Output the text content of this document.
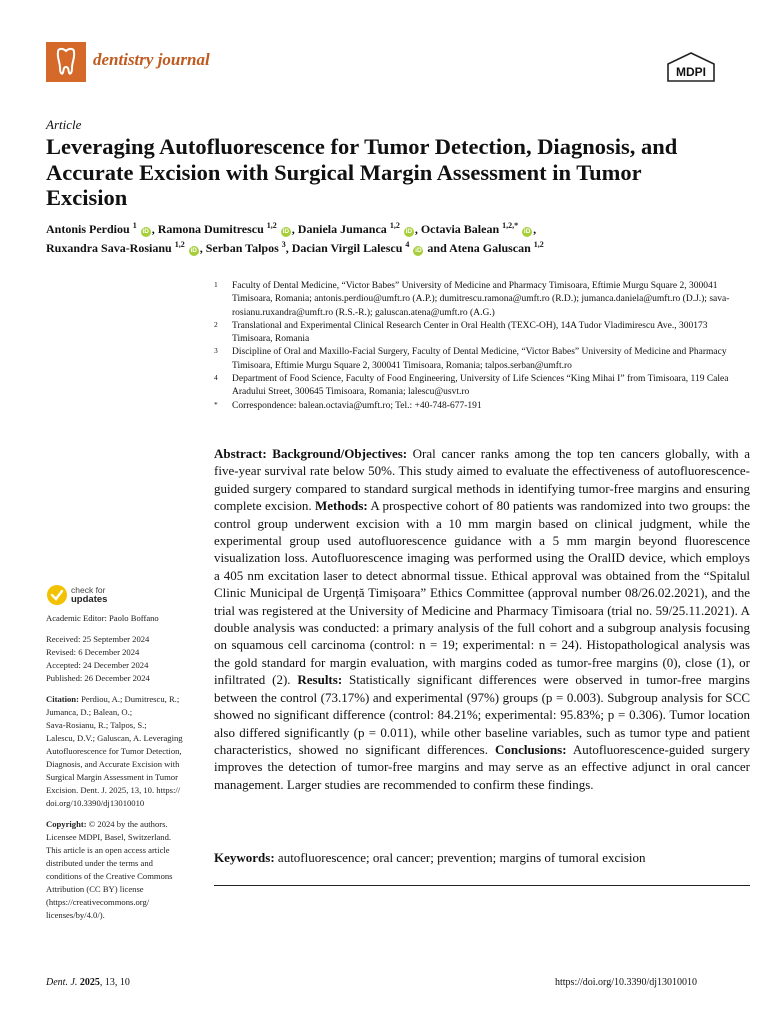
dentistry journal
MDPI
Article
Leveraging Autofluorescence for Tumor Detection, Diagnosis, and Accurate Excision with Surgical Margin Assessment in Tumor Excision
Antonis Perdiou $^1$ iD , Ramona Dumitrescu $^{1,2}$ iD , Daniela Jumanca $^{1,2}$ iD , Octavia Balean $^{1,2,*}$ iD ,
Ruxandra Sava-Rosianu $^{1,2}$ iD , Serban Talpos $^3$, Dacian Virgil Lalescu $^4$ iD and Atena Galuscan $^{1,2}$
1 Faculty of Dental Medicine, “Victor Babes” University of Medicine and Pharmacy Timisoara, Eftimie Murgu Square 2, 300041 Timisoara, Romania; antonis.perdiou@umft.ro (A.P.); dumitrescu.ramona@umft.ro (R.D.); jumanca.daniela@umft.ro (D.J.); sava-rosianu.ruxandra@umft.ro (R.S.-R.); galuscan.atena@umft.ro (A.G.)
2 Translational and Experimental Clinical Research Center in Oral Health (TEXC-OH), 14A Tudor Vladimirescu Ave., 300173 Timisoara, Romania
3 Discipline of Oral and Maxillo-Facial Surgery, Faculty of Dental Medicine, “Victor Babes” University of Medicine and Pharmacy Timisoara, Eftimie Murgu Square 2, 300041 Timisoara, Romania; talpos.serban@umft.ro
4 Department of Food Science, Faculty of Food Engineering, University of Life Sciences “King Mihai I” from Timisoara, 119 Calea Aradului Street, 300645 Timisoara, Romania; lalescu@usvt.ro
* Correspondence: balean.octavia@umft.ro; Tel.: +40-748-677-191
Abstract: Background/Objectives: Oral cancer ranks among the top ten cancers globally, with a five-year survival rate below 50%. This study aimed to evaluate the effectiveness of autofluorescence-guided surgery compared to standard surgical methods in identifying tumor-free margins and ensuring complete excision. Methods: A prospective cohort of 80 patients was randomized into two groups: the control group underwent excision with a 10 mm margin based on clinical judgment, while the experimental group used autofluorescence guidance with a 5 mm margin beyond fluorescence visualization loss. Autofluorescence imaging was performed using the OralID device, which employs a 405 nm excitation laser to detect abnormal tissue. Ethical approval was obtained from the “Spitalul Clinic Municipal de Urgență Timișoara” Ethics Committee (approval number 08/26.02.2021), and the trial was registered at the University of Medicine and Pharmacy Timisoara (trial no. 59/25.11.2021). A double analysis was conducted: a primary analysis of the full cohort and a subgroup analysis focusing on squamous cell carcinoma (control: n = 19; experimental: n = 24). Histopathological analysis was the gold standard for margin evaluation, with margins coded as tumor-free margins (0), close (1), or infiltrated (2). Results: Statistically significant differences were observed in tumor-free margins between the control (73.17%) and experimental (97%) groups (p = 0.003). Subgroup analysis for SCC showed no significant difference (control: 84.21%; experimental: 95.83%; p = 0.306). Tumor location also differed significantly (p = 0.011), while other baseline variables, such as tumor type and patient characteristics, showed no significant differences. Conclusions: Autofluorescence-guided surgery improves the detection of tumor-free margins and may serve as an effective adjunct in oral cancer management. Larger studies are recommended to confirm these findings.
Keywords: autofluorescence; oral cancer; prevention; margins of tumoral excision
check for
updates
Academic Editor: Paolo Boffano
Received: 25 September 2024
Revised: 6 December 2024
Accepted: 24 December 2024
Published: 26 December 2024
Citation: Perdiou, A.; Dumitrescu, R.;
Jumanca, D.; Balean, O.;
Sava-Rosianu, R.; Talpos, S.;
Lalescu, D.V.; Galuscan, A. Leveraging
Autofluorescence for Tumor Detection,
Diagnosis, and Accurate Excision with
Surgical Margin Assessment in Tumor
Excision. Dent. J. 2025, 13, 10. https://
doi.org/10.3390/dj13010010
Copyright: © 2024 by the authors.
Licensee MDPI, Basel, Switzerland.
This article is an open access article
distributed under the terms and
conditions of the Creative Commons
Attribution (CC BY) license
(https://creativecommons.org/
licenses/by/4.0/).
Dent. J. 2025, 13, 10	https://doi.org/10.3390/dj13010010
